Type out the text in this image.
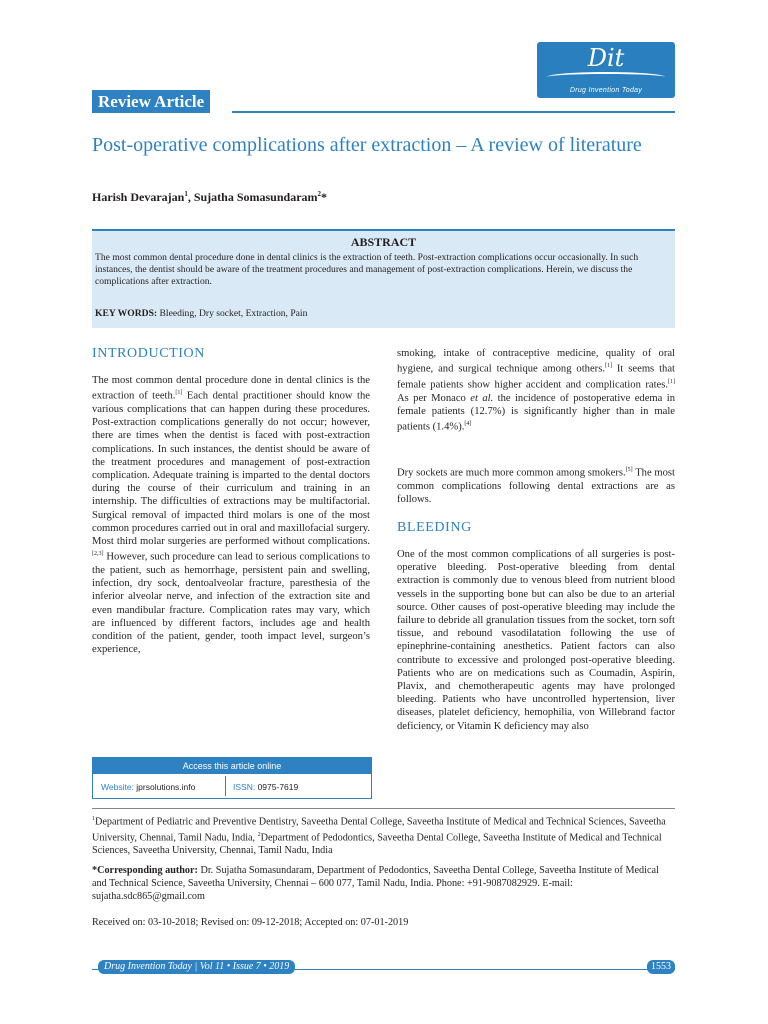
Dit
Drug Invention Today
Review Article
Post-operative complications after extraction – A review of literature
Harish Devarajan$^1$, Sujatha Somasundaram$^2$*
ABSTRACT
The most common dental procedure done in dental clinics is the extraction of teeth. Post-extraction complications occur occasionally. In such instances, the dentist should be aware of the treatment procedures and management of post-extraction complications. Herein, we discuss the complications after extraction.
KEY WORDS: Bleeding, Dry socket, Extraction, Pain
INTRODUCTION
The most common dental procedure done in dental clinics is the extraction of teeth.[1] Each dental practitioner should know the various complications that can happen during these procedures. Post-extraction complications generally do not occur; however, there are times when the dentist is faced with post-extraction complications. In such instances, the dentist should be aware of the treatment procedures and management of post-extraction complication. Adequate training is imparted to the dental doctors during the course of their curriculum and training in an internship. The difficulties of extractions may be multifactorial. Surgical removal of impacted third molars is one of the most common procedures carried out in oral and maxillofacial surgery. Most third molar surgeries are performed without complications.[2,3] However, such procedure can lead to serious complications to the patient, such as hemorrhage, persistent pain and swelling, infection, dry sock, dentoalveolar fracture, paresthesia of the inferior alveolar nerve, and infection of the extraction site and even mandibular fracture. Complication rates may vary, which are influenced by different factors, includes age and health condition of the patient, gender, tooth impact level, surgeon’s experience,
Access this article online
Website: jprsolutions.info	ISSN: 0975-7619
smoking, intake of contraceptive medicine, quality of oral hygiene, and surgical technique among others.[1] It seems that female patients show higher accident and complication rates.[1] As per Monaco et al. the incidence of postoperative edema in female patients (12.7%) is significantly higher than in male patients (1.4%).[4]
Dry sockets are much more common among smokers.[5] The most common complications following dental extractions are as follows.
BLEEDING
One of the most common complications of all surgeries is post-operative bleeding. Post-operative bleeding from dental extraction is commonly due to venous bleed from nutrient blood vessels in the supporting bone but can also be due to an arterial source. Other causes of post-operative bleeding may include the failure to debride all granulation tissues from the socket, torn soft tissue, and rebound vasodilatation following the use of epinephrine-containing anesthetics. Patient factors can also contribute to excessive and prolonged post-operative bleeding. Patients who are on medications such as Coumadin, Aspirin, Plavix, and chemotherapeutic agents may have prolonged bleeding. Patients who have uncontrolled hypertension, liver diseases, platelet deficiency, hemophilia, von Willebrand factor deficiency, or Vitamin K deficiency may also
$^1$Department of Pediatric and Preventive Dentistry, Saveetha Dental College, Saveetha Institute of Medical and Technical Sciences, Saveetha University, Chennai, Tamil Nadu, India, $^2$Department of Pedodontics, Saveetha Dental College, Saveetha Institute of Medical and Technical Sciences, Saveetha University, Chennai, Tamil Nadu, India
*Corresponding author: Dr. Sujatha Somasundaram, Department of Pedodontics, Saveetha Dental College, Saveetha Institute of Medical and Technical Science, Saveetha University, Chennai – 600 077, Tamil Nadu, India. Phone: +91-9087082929. E-mail: sujatha.sdc865@gmail.com
Received on: 03-10-2018; Revised on: 09-12-2018; Accepted on: 07-01-2019
Drug Invention Today | Vol 11 • Issue 7 • 2019	1553
